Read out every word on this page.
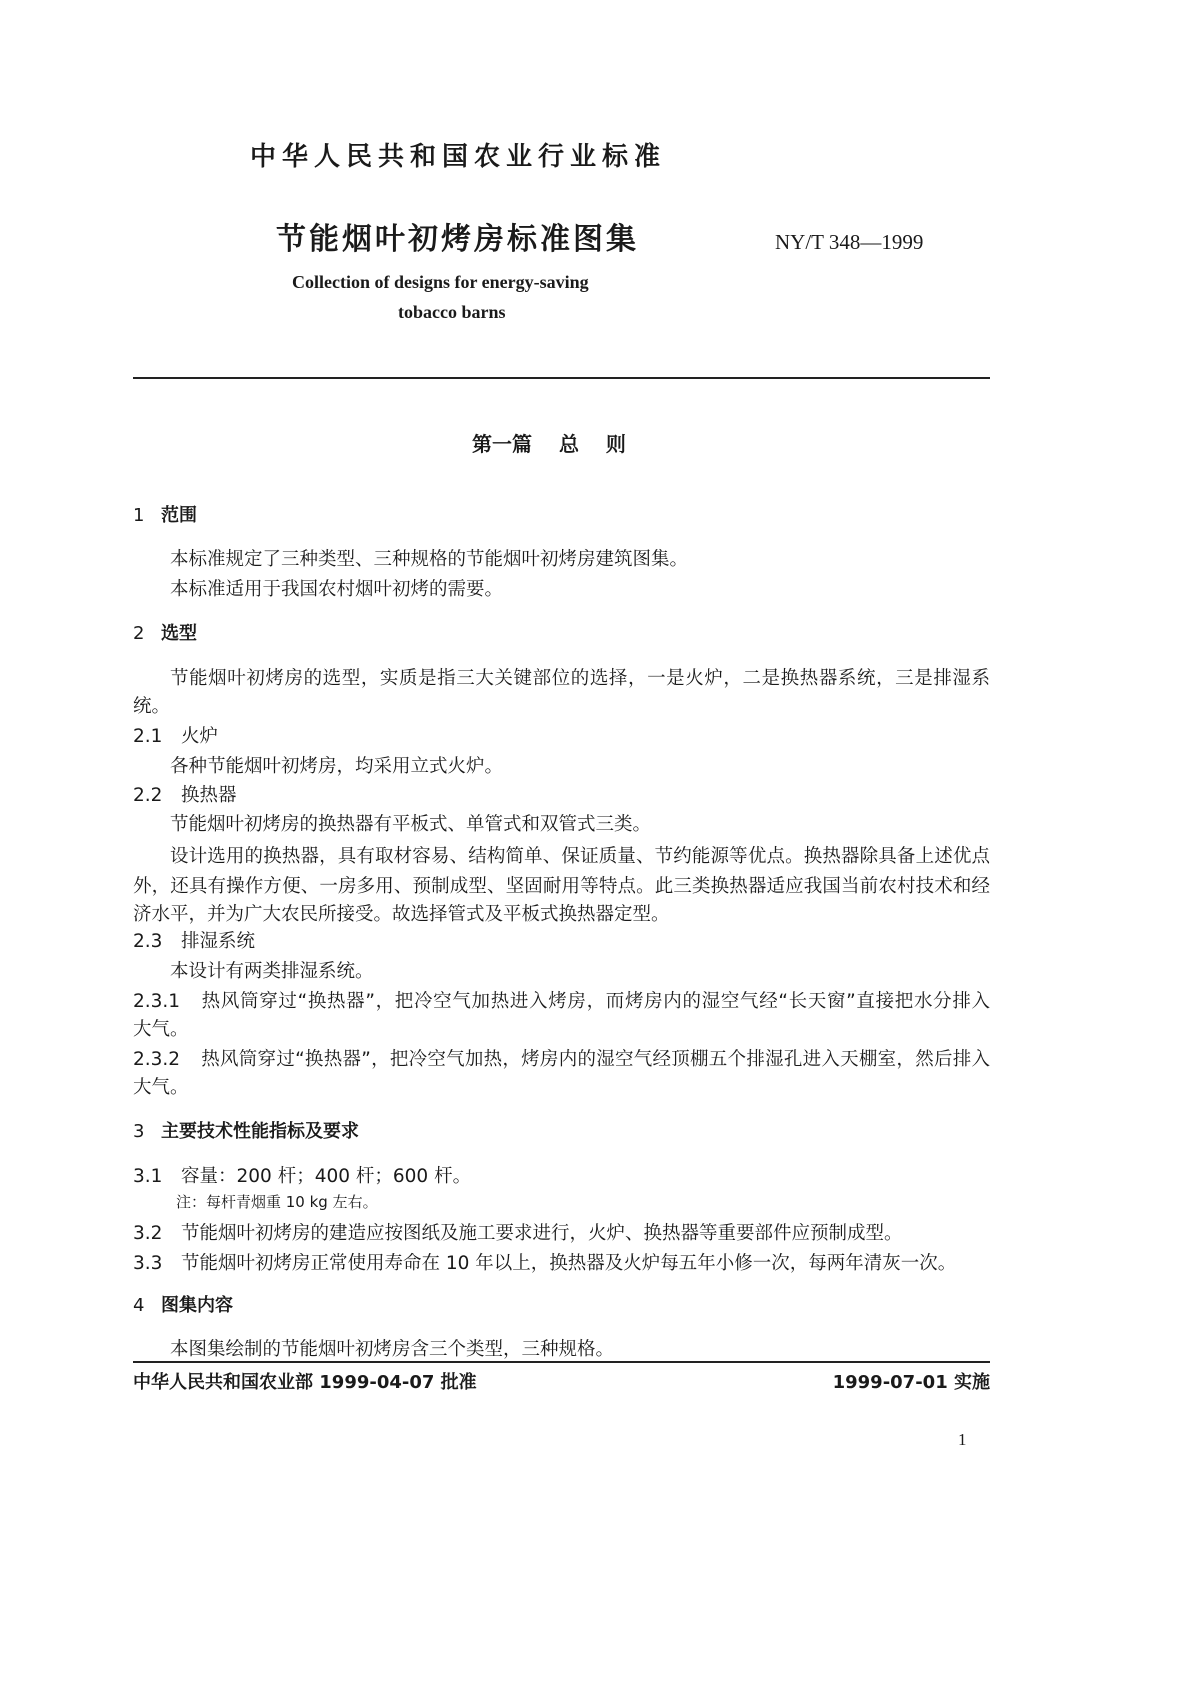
中华人民共和国农业行业标准
节能烟叶初烤房标准图集	NY/T 348—1999
Collection of designs for energy-saving
tobacco barns
第一篇 总 则
1 范围
本标准规定了三种类型、三种规格的节能烟叶初烤房建筑图集。
本标准适用于我国农村烟叶初烤的需要。
2 选型
节能烟叶初烤房的选型，实质是指三大关键部位的选择，一是火炉，二是换热器系统，三是排湿系
统。
2.1 火炉
各种节能烟叶初烤房，均采用立式火炉。
2.2 换热器
节能烟叶初烤房的换热器有平板式、单管式和双管式三类。
设计选用的换热器，具有取材容易、结构简单、保证质量、节约能源等优点。换热器除具备上述优点
外，还具有操作方便、一房多用、预制成型、坚固耐用等特点。此三类换热器适应我国当前农村技术和经
济水平，并为广大农民所接受。故选择管式及平板式换热器定型。
2.3 排湿系统
本设计有两类排湿系统。
2.3.1 热风筒穿过“换热器”，把冷空气加热进入烤房，而烤房内的湿空气经“长天窗”直接把水分排入
大气。
2.3.2 热风筒穿过“换热器”，把冷空气加热，烤房内的湿空气经顶棚五个排湿孔进入天棚室，然后排入
大气。
3 主要技术性能指标及要求
3.1 容量：200 杆；400 杆；600 杆。
注：每杆青烟重 10 kg 左右。
3.2 节能烟叶初烤房的建造应按图纸及施工要求进行，火炉、换热器等重要部件应预制成型。
3.3 节能烟叶初烤房正常使用寿命在 10 年以上，换热器及火炉每五年小修一次，每两年清灰一次。
4 图集内容
本图集绘制的节能烟叶初烤房含三个类型，三种规格。
中华人民共和国农业部 1999-04-07 批准	1999-07-01 实施
1
